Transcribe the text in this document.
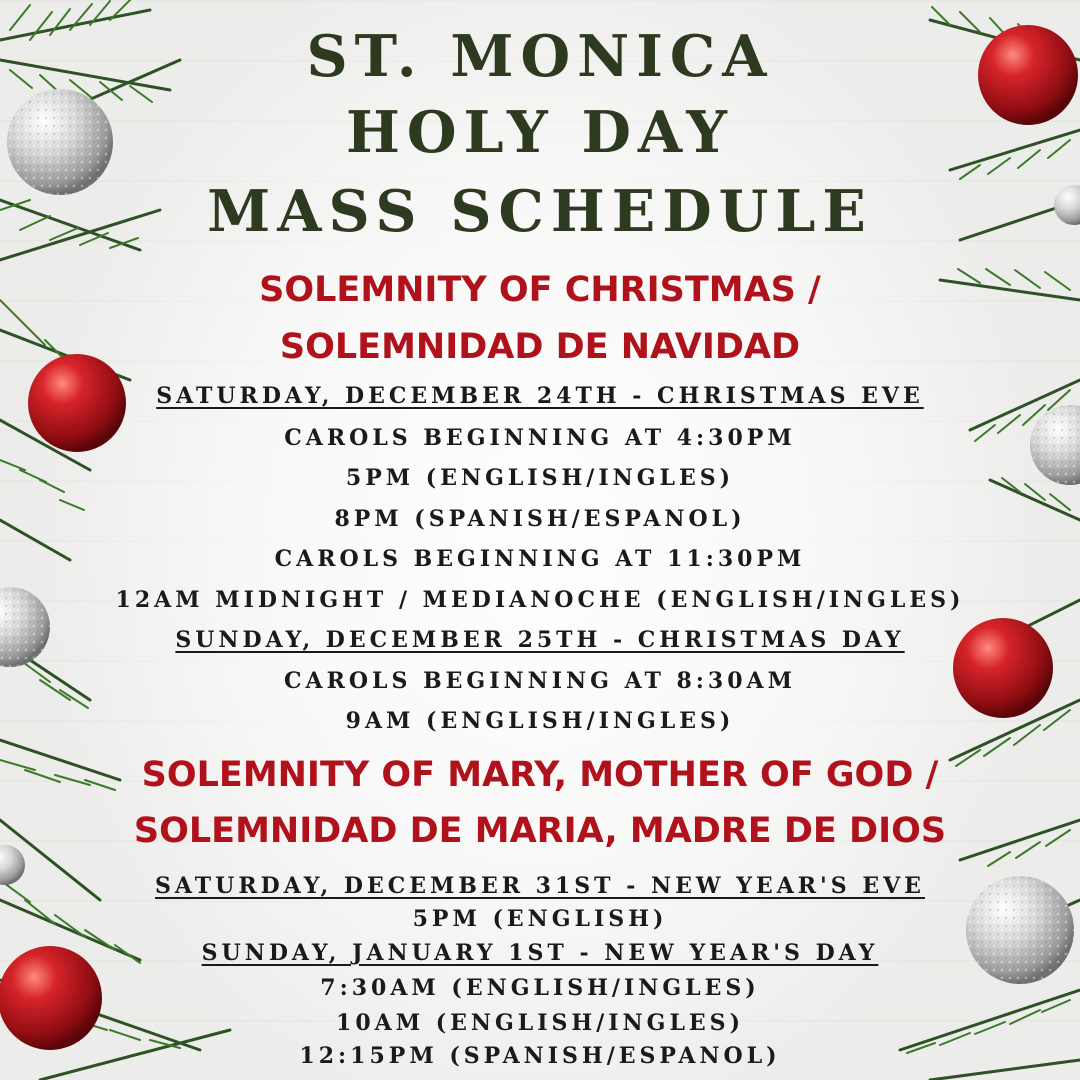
ST. MONICA
HOLY DAY
MASS SCHEDULE
SOLEMNITY OF CHRISTMAS /
SOLEMNIDAD DE NAVIDAD
SATURDAY, DECEMBER 24TH - CHRISTMAS EVE
CAROLS BEGINNING AT 4:30PM
5PM (ENGLISH/INGLES)
8PM (SPANISH/ESPANOL)
CAROLS BEGINNING AT 11:30PM
12AM MIDNIGHT / MEDIANOCHE (ENGLISH/INGLES)
SUNDAY, DECEMBER 25TH - CHRISTMAS DAY
CAROLS BEGINNING AT 8:30AM
9AM (ENGLISH/INGLES)
SOLEMNITY OF MARY, MOTHER OF GOD /
SOLEMNIDAD DE MARIA, MADRE DE DIOS
SATURDAY, DECEMBER 31ST - NEW YEAR'S EVE
5PM (ENGLISH)
SUNDAY, JANUARY 1ST - NEW YEAR'S DAY
7:30AM (ENGLISH/INGLES)
10AM (ENGLISH/INGLES)
12:15PM (SPANISH/ESPANOL)
